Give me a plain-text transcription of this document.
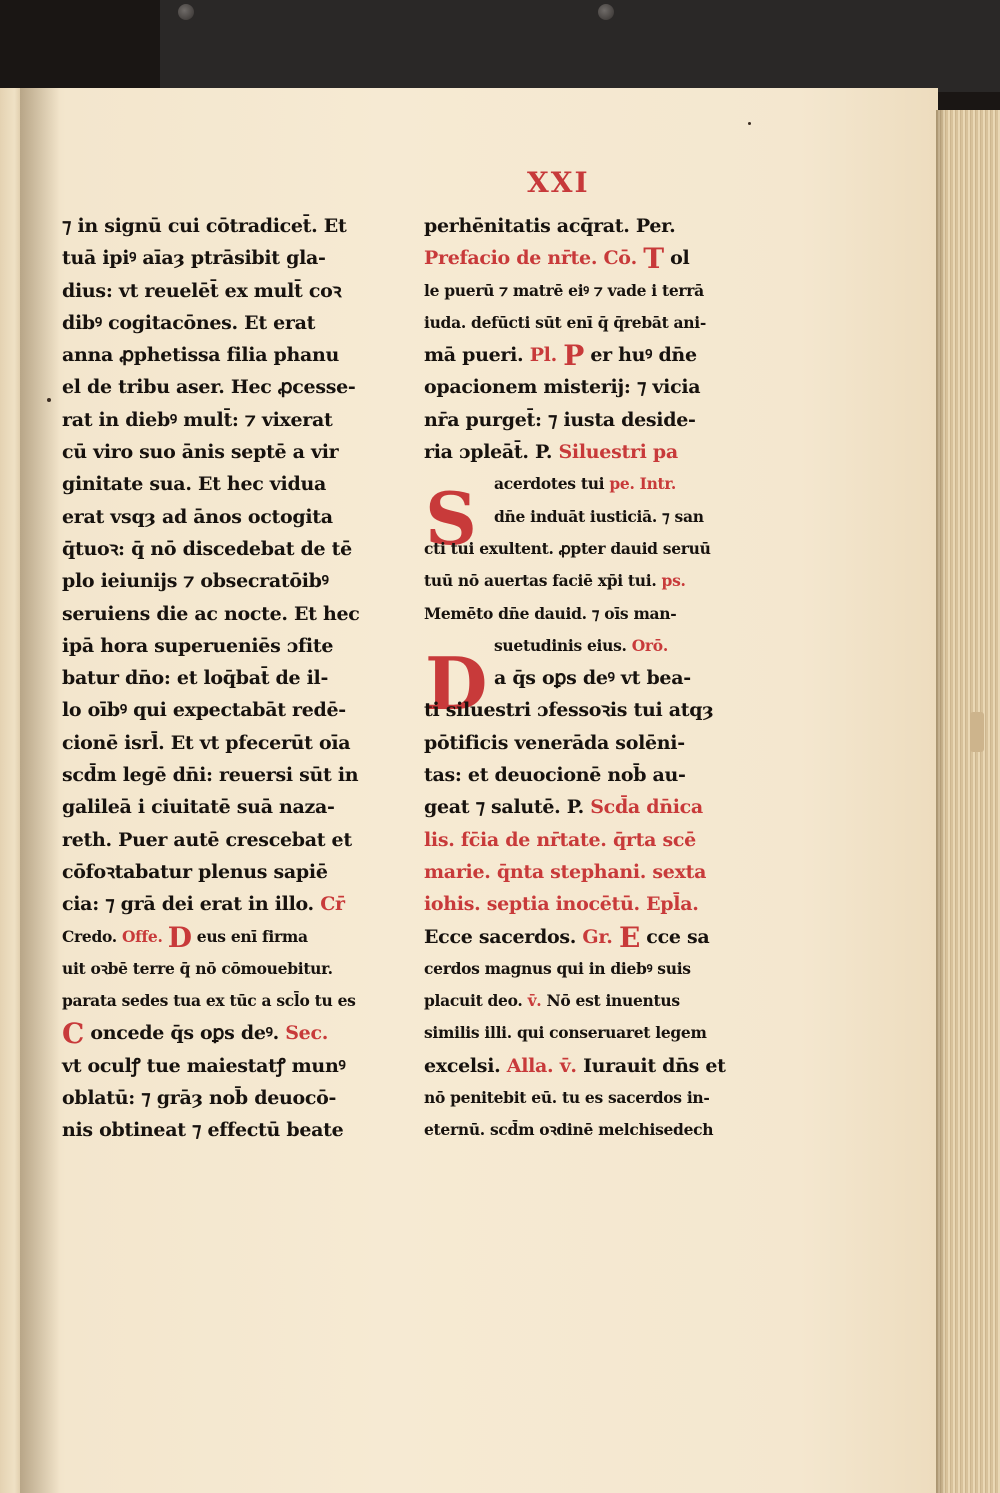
XXI
S
D
⁊ in signū cui cōtradicet̄. Et
tuā ipiꝰ aīaȝ ptrāsibit gla-
dius: vt reuelēt̄ ex mult̄ coꝛ
dibꝰ cogitacōnes. Et erat
anna ꝓphetissa filia phanu
el de tribu aser. Hec ꝓcesse-
rat in diebꝰ mult̄: ⁊ vixerat
cū viro suo ānis septē a vir
ginitate sua. Et hec vidua
erat vsqȝ ad ānos octogita
q̄tuoꝛ: q̄ nō discedebat de tē
plo ieiunijs ⁊ obsecratōibꝰ
seruiens die ac nocte. Et hec
ipā hora superueniēs ɔfite
batur dn̄o: et loq̄bat̄ de il-
lo oībꝰ qui expectabāt redē-
cionē isrl̄. Et vt pfecerūt oīa
scd̄m legē dn̄i: reuersi sūt in
galileā i ciuitatē suā naza-
reth. Puer autē crescebat et
cōfoꝛtabatur plenus sapiē
cia: ⁊ grā dei erat in illo. Cr̄
Credo. Offe. D eus enī firma
uit oꝛbē terre q̄ nō cōmouebitur.
parata sedes tua ex tūc a scl̄o tu es
C oncede q̄s oꝑs deꝰ. Sec.
vt oculꝭ tue maiestatꝭ munꝰ
oblatū: ⁊ grāȝ nob̄ deuocō-
nis obtineat ⁊ effectū beate
perhēnitatis acq̄rat. Per.
Prefacio de nr̄te. Cō. T ol
le puerū ⁊ matrē eiꝰ ⁊ vade i terrā
iuda. defūcti sūt enī q̄ q̄rebāt ani-
mā pueri. Pl. P er huꝰ dn̄e
opacionem misterij: ⁊ vicia
nr̄a purget̄: ⁊ iusta deside-
ria ɔpleāt̄. P. Siluestri pa
acerdotes tui pe. Intr.
dn̄e induāt iusticiā. ⁊ san
cti tui exultent. ꝓpter dauid seruū
tuū nō auertas faciē xp̄i tui. ps.
Memēto dn̄e dauid. ⁊ oīs man-
suetudinis eius. Orō.
a q̄s oꝑs deꝰ vt bea-
ti siluestri ɔfessoꝛis tui atqȝ
pōtificis venerāda solēni-
tas: et deuocionē nob̄ au-
geat ⁊ salutē. P. Scd̄a dn̄ica
lis. fc̄ia de nr̄tate. q̄rta scē
marie. q̄nta stephani. sexta
iohis. septia inocētū. Epl̄a.
Ecce sacerdos. Gr. E cce sa
cerdos magnus qui in diebꝰ suis
placuit deo. v̄. Nō est inuentus
similis illi. qui conseruaret legem
excelsi. Alla. v̄. Iurauit dn̄s et
nō penitebit eū. tu es sacerdos in-
eternū. scd̄m oꝛdinē melchisedech
